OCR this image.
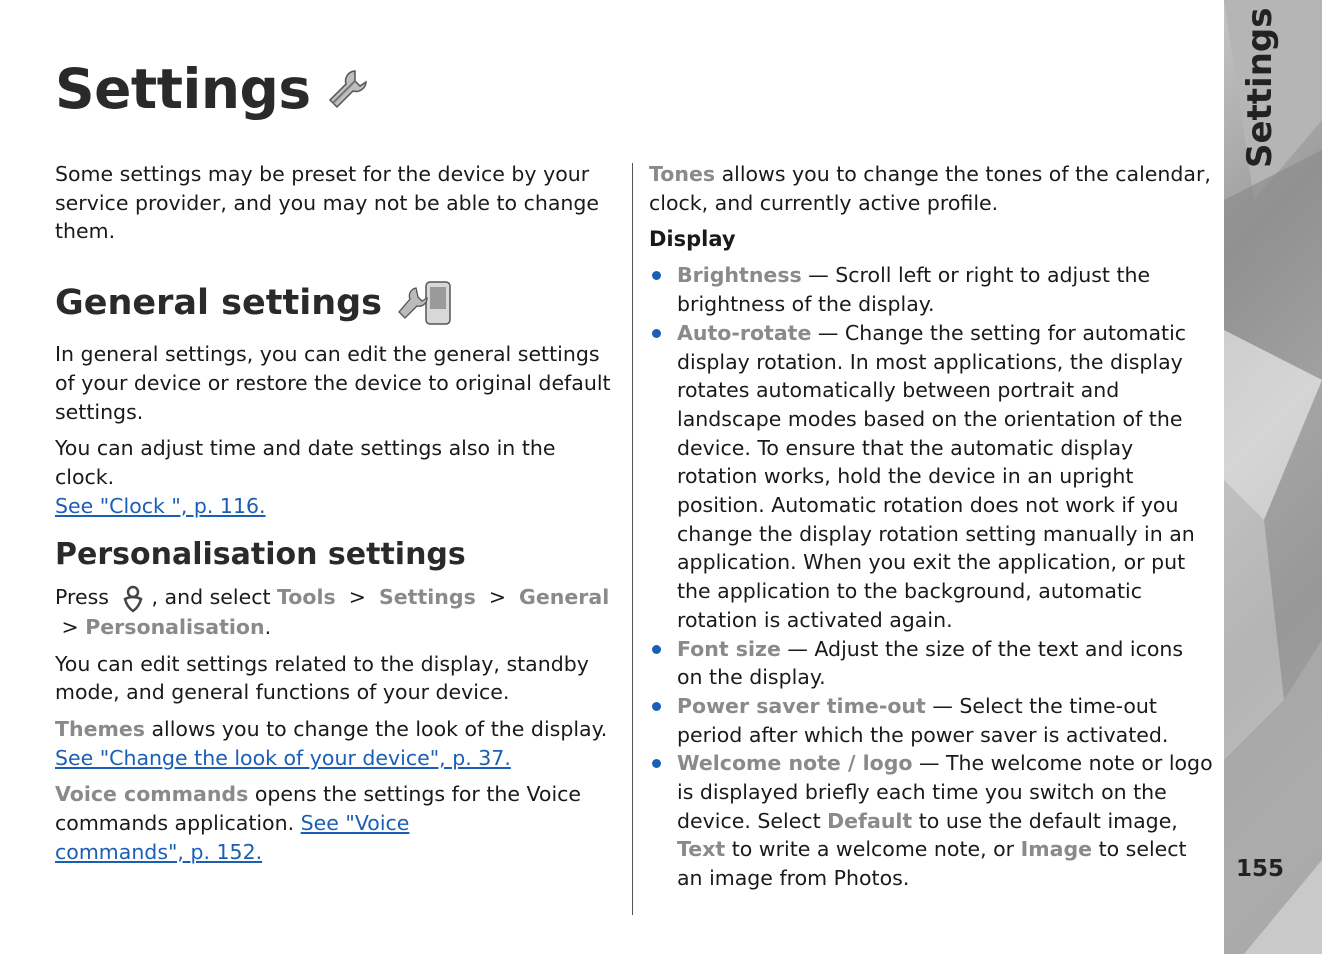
Settings

Some settings may be preset for the device by your service provider, and you may not be able to change them.

General settings

In general settings, you can edit the general settings of your device or restore the device to original default settings.

You can adjust time and date settings also in the clock.
See "Clock ", p. 116.

Personalisation settings

Press , and select Tools > Settings > General  > Personalisation.

You can edit settings related to the display, standby mode, and general functions of your device.

Themes allows you to change the look of the display.
See "Change the look of your device", p. 37.

Voice commands opens the settings for the Voice commands application. See "Voice
commands", p. 152.

Tones allows you to change the tones of the calendar, clock, and currently active profile.

Display
Brightness — Scroll left or right to adjust the brightness of the display.
Auto-rotate — Change the setting for automatic display rotation. In most applications, the display rotates automatically between portrait and landscape modes based on the orientation of the device. To ensure that the automatic display rotation works, hold the device in an upright position. Automatic rotation does not work if you change the display rotation setting manually in an application. When you exit the application, or put the application to the background, automatic rotation is activated again.
Font size — Adjust the size of the text and icons on the display.
Power saver time-out — Select the time-out period after which the power saver is activated.
Welcome note / logo — The welcome note or logo is displayed briefly each time you switch on the device. Select Default to use the default image, Text to write a welcome note, or Image to select an image from Photos.
Settings
155
